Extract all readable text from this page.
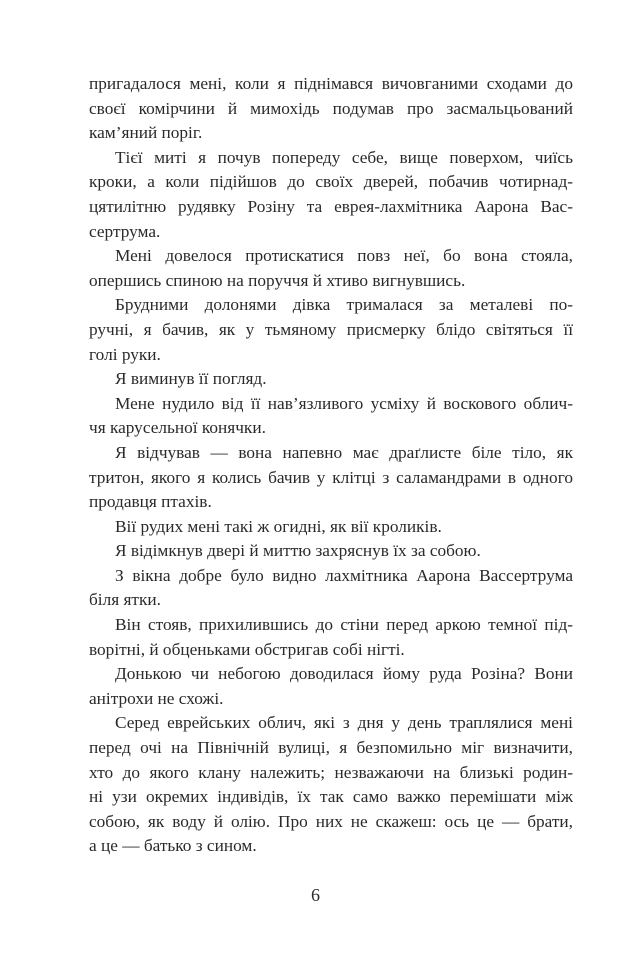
пригадалося мені, коли я піднімався вичовганими сходами до
своєї комірчини й мимохідь подумав про засмальцьований
кам’яний поріг.
Тієї миті я почув попереду себе, вище поверхом, чиїсь
кроки, а коли підійшов до своїх дверей, побачив чотирнад-
цятилітню рудявку Розіну та еврея-лахмітника Аарона Вас-
сертрума.
Мені довелося протискатися повз неї, бо вона стояла,
опершись спиною на поруччя й хтиво вигнувшись.
Брудними долонями дівка трималася за металеві по-
ручні, я бачив, як у тьмяному присмерку блідо світяться її
голі руки.
Я виминув її погляд.
Мене нудило від її нав’язливого усміху й воскового облич-
чя карусельної конячки.
Я відчував — вона напевно має драґлисте біле тіло, як
тритон, якого я колись бачив у клітці з саламандрами в одного
продавця птахів.
Вії рудих мені такі ж огидні, як вії кроликів.
Я відімкнув двері й миттю захряснув їх за собою.
З вікна добре було видно лахмітника Аарона Вассертрума
біля ятки.
Він стояв, прихилившись до стіни перед аркою темної під-
ворітні, й обценьками обстригав собі нігті.
Донькою чи небогою доводилася йому руда Розіна? Вони
анітрохи не схожі.
Серед еврейських облич, які з дня у день траплялися мені
перед очі на Північній вулиці, я безпомильно міг визначити,
хто до якого клану належить; незважаючи на близькі родин-
ні узи окремих індивідів, їх так само важко перемішати між
собою, як воду й олію. Про них не скажеш: ось це — брати,
а це — батько з сином.
6
